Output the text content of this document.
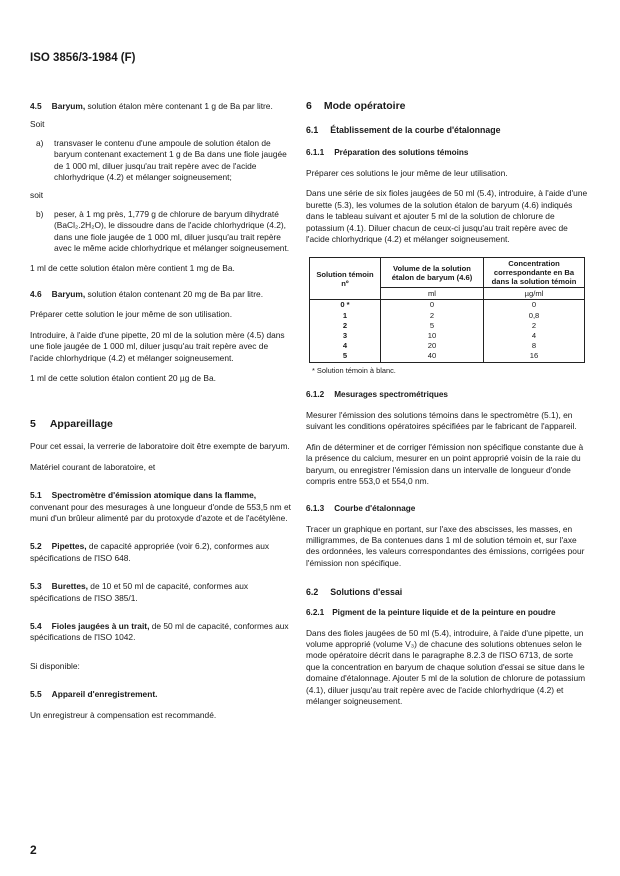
ISO 3856/3-1984 (F)

4.5 Baryum, solution étalon mère contenant 1 g de Ba par litre.

Soit

a)	transvaser le contenu d'une ampoule de solution étalon de baryum contenant exactement 1 g de Ba dans une fiole jaugée de 1 000 ml, diluer jusqu'au trait repère avec de l'acide chlorhydrique (4.2) et mélanger soigneusement;

soit

b)	peser, à 1 mg près, 1,779 g de chlorure de baryum dihydraté (BaCl₂.2H₂O), le dissoudre dans de l'acide chlorhydrique (4.2), dans une fiole jaugée de 1 000 ml, diluer jusqu'au trait repère avec le même acide chlorhydrique et mélanger soigneusement.

1 ml de cette solution étalon mère contient 1 mg de Ba.

4.6 Baryum, solution étalon contenant 20 mg de Ba par litre.

Préparer cette solution le jour même de son utilisation.

Introduire, à l'aide d'une pipette, 20 ml de la solution mère (4.5) dans une fiole jaugée de 1 000 ml, diluer jusqu'au trait repère avec de l'acide chlorhydrique (4.2) et mélanger soigneusement.

1 ml de cette solution étalon contient 20 µg de Ba.

5 Appareillage

Pour cet essai, la verrerie de laboratoire doit être exempte de baryum.

Matériel courant de laboratoire, et

5.1 Spectromètre d'émission atomique dans la flamme, convenant pour des mesurages à une longueur d'onde de 553,5 nm et muni d'un brûleur alimenté par du protoxyde d'azote et de l'acétylène.

5.2 Pipettes, de capacité appropriée (voir 6.2), conformes aux spécifications de l'ISO 648.

5.3 Burettes, de 10 et 50 ml de capacité, conformes aux spécifications de l'ISO 385/1.

5.4 Fioles jaugées à un trait, de 50 ml de capacité, conformes aux spécifications de l'ISO 1042.

Si disponible:

5.5 Appareil d'enregistrement.

Un enregistreur à compensation est recommandé.

6 Mode opératoire
6.1 Établissement de la courbe d'étalonnage
6.1.1 Préparation des solutions témoins

Préparer ces solutions le jour même de leur utilisation.

Dans une série de six fioles jaugées de 50 ml (5.4), introduire, à l'aide d'une burette (5.3), les volumes de la solution étalon de baryum (4.6) indiqués dans le tableau suivant et ajouter 5 ml de la solution de chlorure de potassium (4.1). Diluer chacun de ceux-ci jusqu'au trait repère avec de l'acide chlorhydrique (4.2) et mélanger soigneusement.

Solution témoin nº	Volume de la solution étalon de baryum (4.6)	Concentration correspondante en Ba dans la solution témoin
	ml	µg/ml
0 *	0	0
1	2	0,8
2	5	2
3	10	4
4	20	8
5	40	16

* Solution témoin à blanc.

6.1.2 Mesurages spectrométriques

Mesurer l'émission des solutions témoins dans le spectromètre (5.1), en suivant les conditions opératoires spécifiées par le fabricant de l'appareil.

Afin de déterminer et de corriger l'émission non spécifique constante due à la présence du calcium, mesurer en un point approprié voisin de la raie du baryum, ou enregistrer l'émission dans un intervalle de longueur d'onde compris entre 553,0 et 554,0 nm.

6.1.3 Courbe d'étalonnage

Tracer un graphique en portant, sur l'axe des abscisses, les masses, en milligrammes, de Ba contenues dans 1 ml de solution témoin et, sur l'axe des ordonnées, les valeurs correspondantes des émissions, corrigées pour l'émission non spécifique.

6.2 Solutions d'essai
6.2.1 Pigment de la peinture liquide et de la peinture en poudre

Dans des fioles jaugées de 50 ml (5.4), introduire, à l'aide d'une pipette, un volume approprié (volume V₃) de chacune des solutions obtenues selon le mode opératoire décrit dans le paragraphe 8.2.3 de l'ISO 6713, de sorte que la concentration en baryum de chaque solution d'essai se situe dans le domaine d'étalonnage. Ajouter 5 ml de la solution de chlorure de potassium (4.1), diluer jusqu'au trait repère avec de l'acide chlorhydrique (4.2) et mélanger soigneusement.

2
